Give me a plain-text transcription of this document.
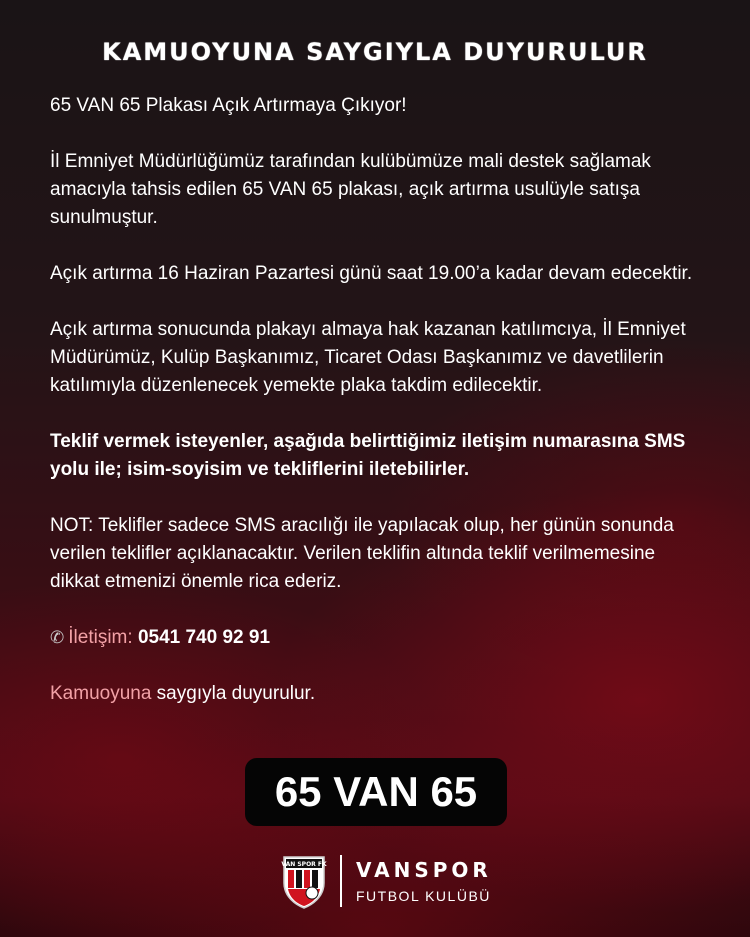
KAMUOYUNA SAYGIYLA DUYURULUR

65 VAN 65 Plakası Açık Artırmaya Çıkıyor!

İl Emniyet Müdürlüğümüz tarafından kulübümüze mali destek sağlamak amacıyla tahsis edilen 65 VAN 65 plakası, açık artırma usulüyle satışa sunulmuştur.

Açık artırma 16 Haziran Pazartesi günü saat 19.00’a kadar devam edecektir.

Açık artırma sonucunda plakayı almaya hak kazanan katılımcıya, İl Emniyet Müdürümüz, Kulüp Başkanımız, Ticaret Odası Başkanımız ve davetlilerin katılımıyla düzenlenecek yemekte plaka takdim edilecektir.

Teklif vermek isteyenler, aşağıda belirttiğimiz iletişim numarasına SMS yolu ile; isim-soyisim ve tekliflerini iletebilirler.

NOT: Teklifler sadece SMS aracılığı ile yapılacak olup, her günün sonunda verilen teklifler açıklanacaktır. Verilen teklifin altında teklif verilmemesine dikkat etmenizi önemle rica ederiz.

✆ İletişim: 0541 740 92 91

Kamuoyuna saygıyla duyurulur.

65 VAN 65
VAN SPOR FK VANSPOR
FUTBOL KULÜBÜ
